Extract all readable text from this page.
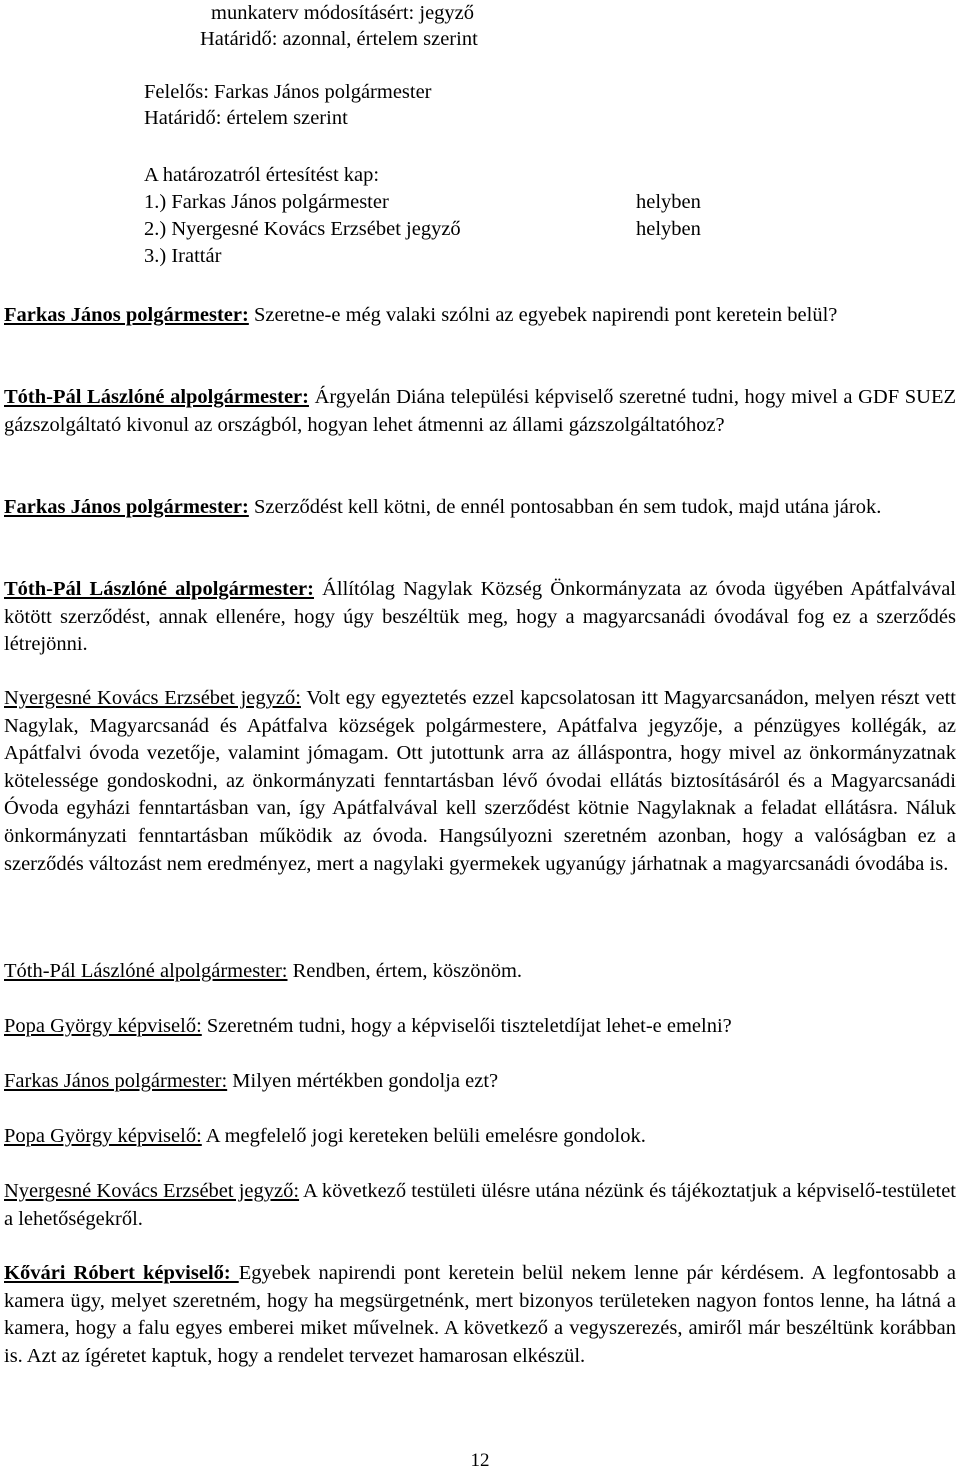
munkaterv módosításért: jegyző
Határidő: azonnal, értelem szerint
Felelős: Farkas János polgármester
Határidő: értelem szerint
A határozatról értesítést kap:
1.) Farkas János polgármester	helyben
2.) Nyergesné Kovács Erzsébet jegyző	helyben
3.) Irattár

Farkas János polgármester: Szeretne-e még valaki szólni az egyebek napirendi pont keretein belül?

Tóth-Pál Lászlóné alpolgármester: Árgyelán Diána települési képviselő szeretné tudni, hogy mivel a GDF SUEZ gázszolgáltató kivonul az országból, hogyan lehet átmenni az állami gázszolgáltatóhoz?

Farkas János polgármester: Szerződést kell kötni, de ennél pontosabban én sem tudok, majd utána járok.

Tóth-Pál Lászlóné alpolgármester: Állítólag Nagylak Község Önkormányzata az óvoda ügyében Apátfalvával kötött szerződést, annak ellenére, hogy úgy beszéltük meg, hogy a magyarcsanádi óvodával fog ez a szerződés létrejönni.

Nyergesné Kovács Erzsébet jegyző: Volt egy egyeztetés ezzel kapcsolatosan itt Magyarcsanádon, melyen részt vett Nagylak, Magyarcsanád és Apátfalva községek polgármestere, Apátfalva jegyzője, a pénzügyes kollégák, az Apátfalvi óvoda vezetője, valamint jómagam. Ott jutottunk arra az álláspontra, hogy mivel az önkormányzatnak kötelessége gondoskodni, az önkormányzati fenntartásban lévő óvodai ellátás biztosításáról és a Magyarcsanádi Óvoda egyházi fenntartásban van, így Apátfalvával kell szerződést kötnie Nagylaknak a feladat ellátásra. Náluk önkormányzati fenntartásban működik az óvoda. Hangsúlyozni szeretném azonban, hogy a valóságban ez a szerződés változást nem eredményez, mert a nagylaki gyermekek ugyanúgy járhatnak a magyarcsanádi óvodába is.

Tóth-Pál Lászlóné alpolgármester: Rendben, értem, köszönöm.

Popa György képviselő: Szeretném tudni, hogy a képviselői tiszteletdíjat lehet-e emelni?

Farkas János polgármester: Milyen mértékben gondolja ezt?

Popa György képviselő: A megfelelő jogi kereteken belüli emelésre gondolok.

Nyergesné Kovács Erzsébet jegyző: A következő testületi ülésre utána nézünk és tájékoztatjuk a képviselő-testületet a lehetőségekről.

Kővári Róbert képviselő: Egyebek napirendi pont keretein belül nekem lenne pár kérdésem. A legfontosabb a kamera ügy, melyet szeretném, hogy ha megsürgetnénk, mert bizonyos területeken nagyon fontos lenne, ha látná a kamera, hogy a falu egyes emberei miket művelnek. A következő a vegyszerezés, amiről már beszéltünk korábban is. Azt az ígéretet kaptuk, hogy a rendelet tervezet hamarosan elkészül.

12
